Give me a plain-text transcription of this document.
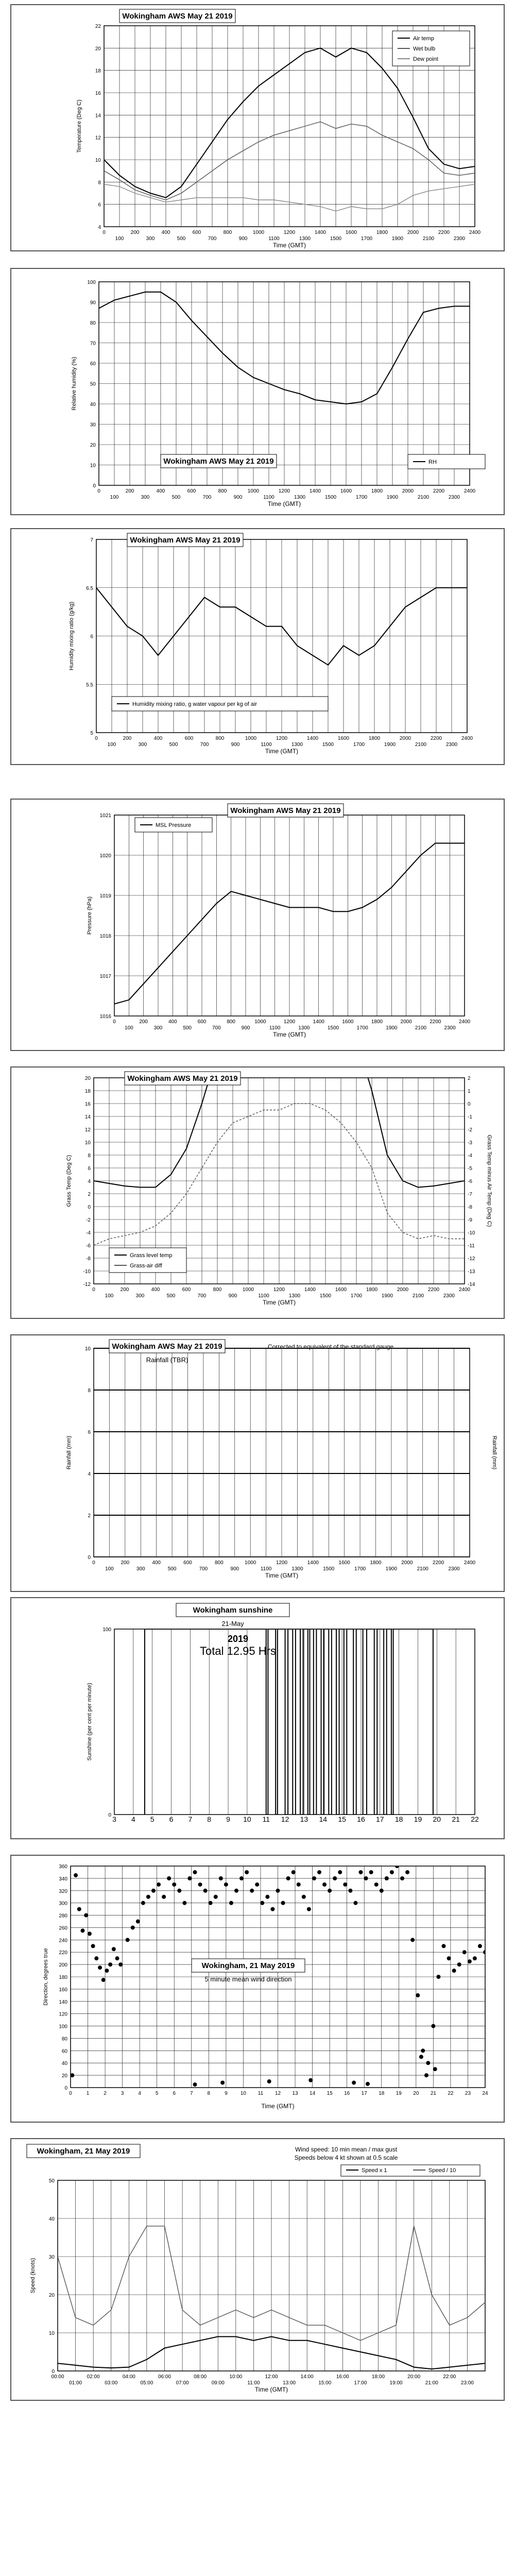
4
6
8
10
12
14
16
18
20
22
0
100
200
300
400
500
600
700
800
900
1000
1100
1200
1300
1400
1500
1600
1700
1800
1900
2000
2100
2200
2300
2400
Time (GMT)
Temperature (Deg C)
Wokingham AWS May 21 2019
Air temp
Wet bulb
Dew point
0
10
20
30
40
50
60
70
80
90
100
0
100
200
300
400
500
600
700
800
900
1000
1100
1200
1300
1400
1500
1600
1700
1800
1900
2000
2100
2200
2300
2400
Time (GMT)
Relative humidity (%)
Wokingham AWS May 21 2019	RH
5
5.5
6
6.5
7
0
100
200
300
400
500
600
700
800
900
1000
1100
1200
1300
1400
1500
1600
1700
1800
1900
2000
2100
2200
2300
2400
Time (GMT)
Humidity mixing ratio (g/kg)
Wokingham AWS May 21 2019
Humidity mixing ratio, g water vapour per kg of air
1016
1017
1018
1019
1020
1021
0
100
200
300
400
500
600
700
800
900
1000
1100
1200
1300
1400
1500
1600
1700
1800
1900
2000
2100
2200
2300
2400
Time (GMT)
Pressure (hPa)
Wokingham AWS May 21 2019
MSL Pressure
-12
-10
-8
-6
-4
-2
0
2
4
6
8
10
12
14
16
18
20
-14
-13
-12
-11
-10
-9
-8
-7
-6
-5
-4
-3
-2
-1
0
1
2
0
100
200
300
400
500
600
700
800
900
1000
1100
1200
1300
1400
1500
1600
1700
1800
1900
2000
2100
2200
2300
2400
Time (GMT)
Grass Temp (Deg C)	Grass Temp minus Air Temp (Deg C)
Wokingham AWS May 21 2019
Grass level temp
Grass-air diff
0
2
4
6
8
10
0
100
200
300
400
500
600
700
800
900
1000
1100
1200
1300
1400
1500
1600
1700
1800
1900
2000
2100
2200
2300
2400
Time (GMT)
Rainfall (mm)	Rainfall (mm)
Wokingham AWS May 21 2019
Rainfall (TBR)
Corrected to equivalent of the standard gauge
0
100
3 4 5 6 7 8 9 10 11 12 13 14 15 16 17 18 19 20 21 22
Sunshine (per cent per minute)
Wokingham sunshine
21-May
2019
Total 12.95 Hrs
0
20
40
60
80
100
120
140
160
180
200
220
240
260
280
300
320
340
360
0	1	2	3	4	5	6	7	8	9	10 11 12 13 14 15 16 17 18 19 20 21 22 23 24
Time (GMT)
Direction, degrees true	Wokingham, 21 May 2019
5 minute mean wind direction
0
10
20
30
40
50
00:00	02:00	04:00	06:00	08:00	10:00	12:00	14:00	16:00	18:00	20:00	22:00
01:00	03:00	05:00	07:00	09:00	11:00	13:00	15:00	17:00	19:00	21:00	23:00
Time (GMT)
Speed (knots)
Wokingham, 21 May 2019	Wind speed: 10 min mean / max gust
Speeds below 4 kt shown at 0.5 scale
Speed x 1	Speed / 10
